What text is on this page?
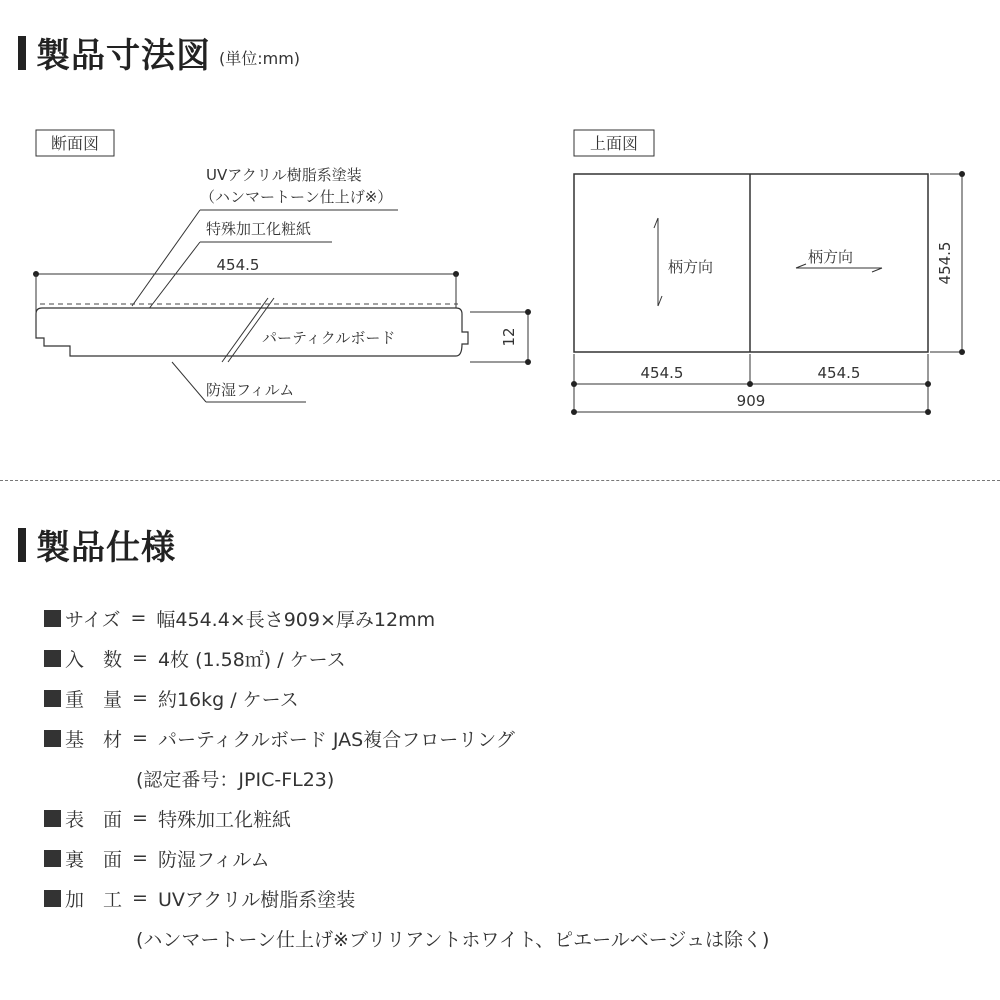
製品寸法図 (単位:mm)
断面図
UVアクリル樹脂系塗装
（ハンマートーン仕上げ※）
特殊加工化粧紙
454.5
パーティクルボード	12
防湿フィルム
上面図
柄方向
柄方向	454.5
454.5	454.5
909
製品仕様
サイズ = 幅454.4×長さ909×厚み12mm
入　数 = 4枚 (1.58㎡) / ケース
重　量 = 約16kg / ケース
基　材 = パーティクルボード JAS複合フローリング
(認定番号：JPIC-FL23)
表　面 = 特殊加工化粧紙
裏　面 = 防湿フィルム
加　工 = UVアクリル樹脂系塗装
(ハンマートーン仕上げ※ブリリアントホワイト、ピエールベージュは除く)
